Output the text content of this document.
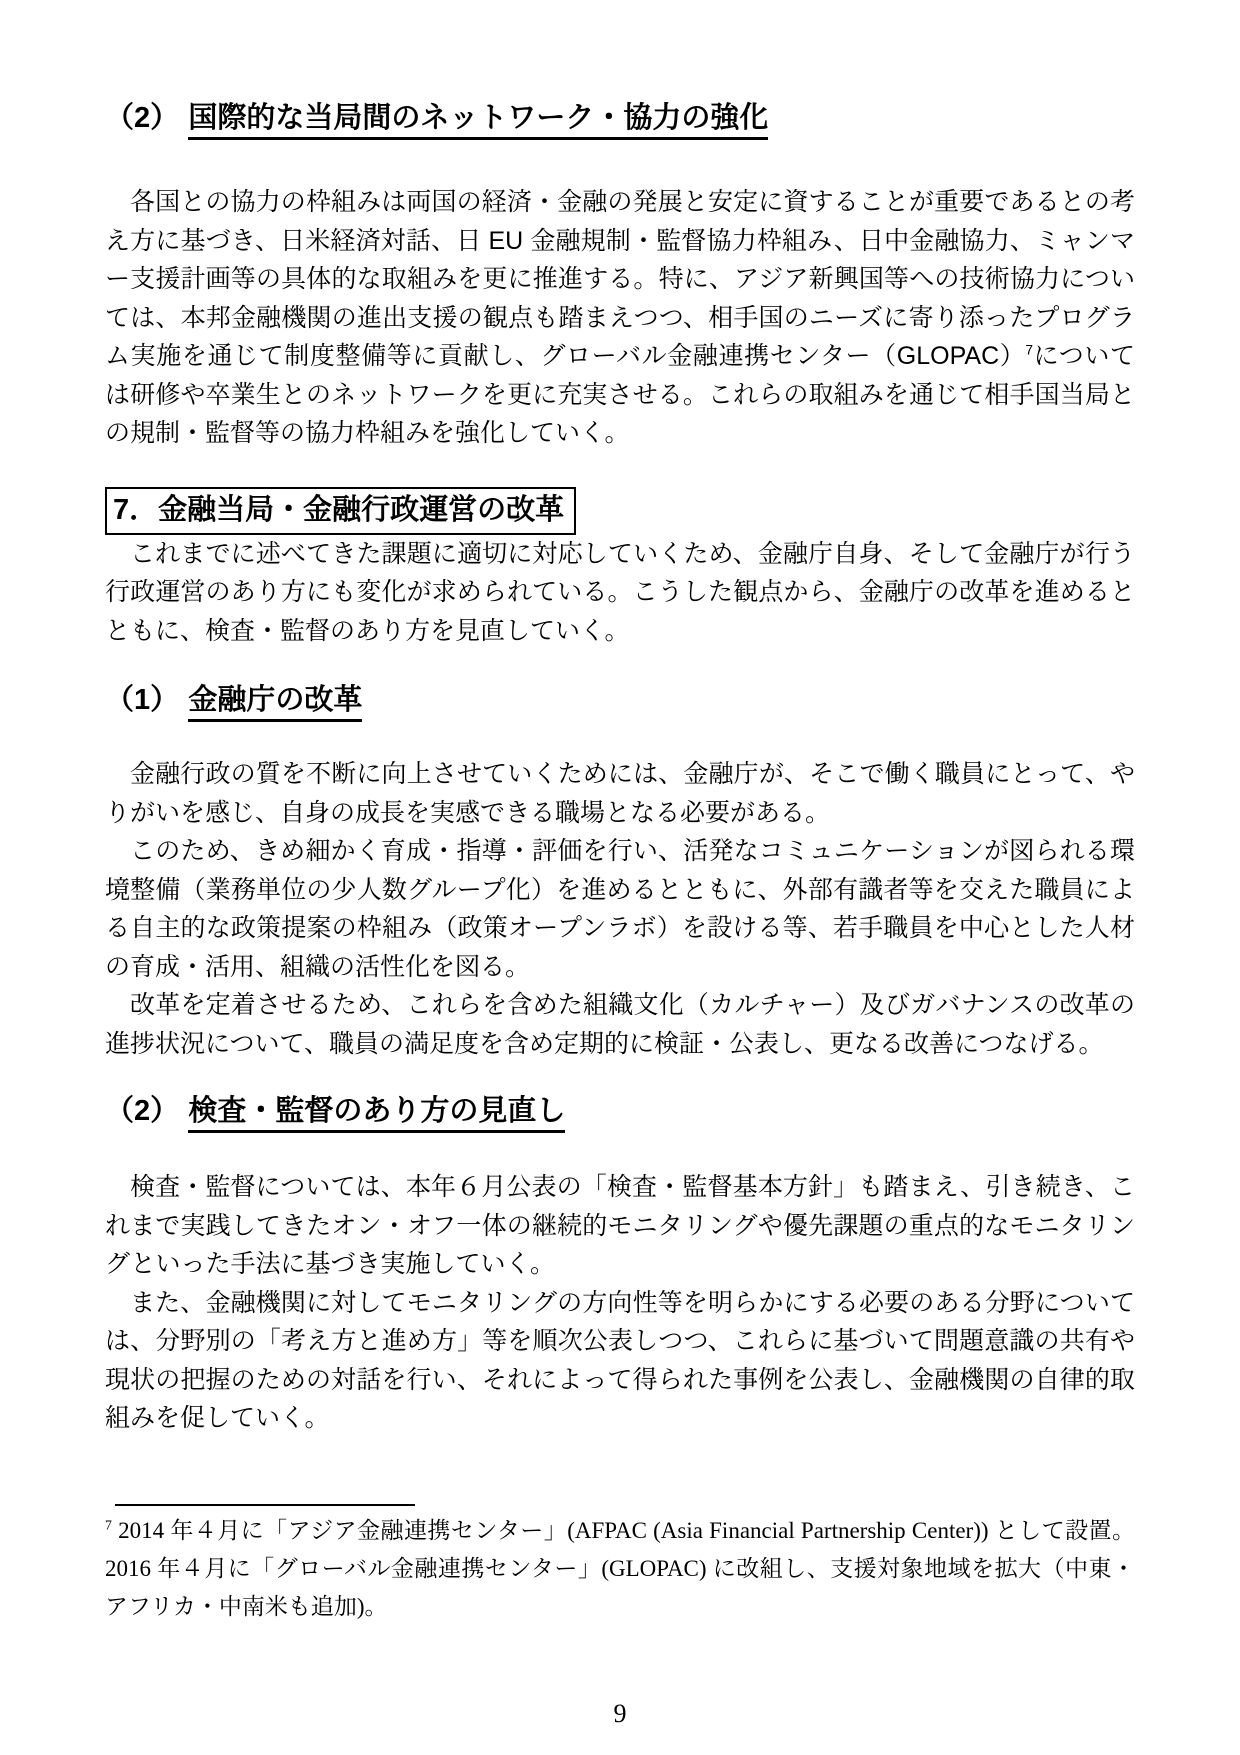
（2） 国際的な当局間のネットワーク・協力の強化

各国との協力の枠組みは両国の経済・金融の発展と安定に資することが重要であるとの考え方に基づき、日米経済対話、日 EU 金融規制・監督協力枠組み、日中金融協力、ミャンマー支援計画等の具体的な取組みを更に推進する。特に、アジア新興国等への技術協力については、本邦金融機関の進出支援の観点も踏まえつつ、相手国のニーズに寄り添ったプログラム実施を通じて制度整備等に貢献し、グローバル金融連携センター（GLOPAC）$^7$については研修や卒業生とのネットワークを更に充実させる。これらの取組みを通じて相手国当局との規制・監督等の協力枠組みを強化していく。

7．金融当局・金融行政運営の改革

これまでに述べてきた課題に適切に対応していくため、金融庁自身、そして金融庁が行う行政運営のあり方にも変化が求められている。こうした観点から、金融庁の改革を進めるとともに、検査・監督のあり方を見直していく。

（1） 金融庁の改革

金融行政の質を不断に向上させていくためには、金融庁が、そこで働く職員にとって、やりがいを感じ、自身の成長を実感できる職場となる必要がある。

このため、きめ細かく育成・指導・評価を行い、活発なコミュニケーションが図られる環境整備（業務単位の少人数グループ化）を進めるとともに、外部有識者等を交えた職員による自主的な政策提案の枠組み（政策オープンラボ）を設ける等、若手職員を中心とした人材の育成・活用、組織の活性化を図る。

改革を定着させるため、これらを含めた組織文化（カルチャー）及びガバナンスの改革の進捗状況について、職員の満足度を含め定期的に検証・公表し、更なる改善につなげる。

（2） 検査・監督のあり方の見直し

検査・監督については、本年６月公表の「検査・監督基本方針」も踏まえ、引き続き、これまで実践してきたオン・オフ一体の継続的モニタリングや優先課題の重点的なモニタリングといった手法に基づき実施していく。

また、金融機関に対してモニタリングの方向性等を明らかにする必要のある分野については、分野別の「考え方と進め方」等を順次公表しつつ、これらに基づいて問題意識の共有や現状の把握のための対話を行い、それによって得られた事例を公表し、金融機関の自律的取組みを促していく。

$^7$ 2014 年４月に「アジア金融連携センター」(AFPAC (Asia Financial Partnership Center)) として設置。2016 年４月に「グローバル金融連携センター」(GLOPAC) に改組し、支援対象地域を拡大（中東・アフリカ・中南米も追加)。

9
